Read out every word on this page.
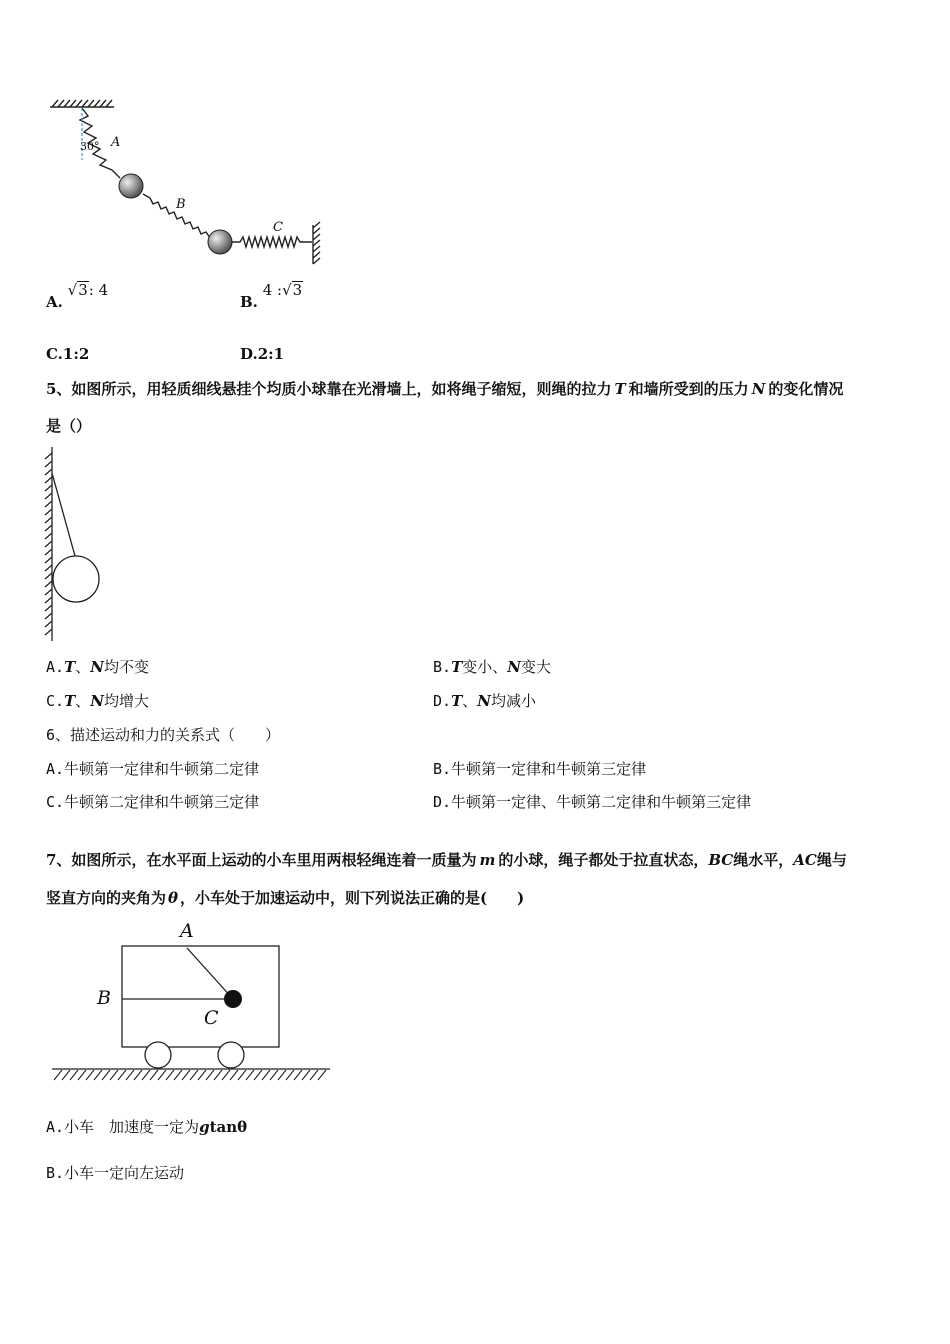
A
B
C
30°
A. √3: 4
B. 4 :√3
C.1:2	D.2:1
5、如图所示，用轻质细线悬挂个均质小球靠在光滑墙上，如将绳子缩短，则绳的拉力 T 和墙所受到的压力 N 的变化情况
是（）
A.T、N均不变	B.T变小、N变大
C.T、N均增大	D.T、N均减小
6、描述运动和力的关系式（　　）
A.牛顿第一定律和牛顿第二定律	B.牛顿第一定律和牛顿第三定律
C.牛顿第二定律和牛顿第三定律	D.牛顿第一定律、牛顿第二定律和牛顿第三定律
7、如图所示，在水平面上运动的小车里用两根轻绳连着一质量为 m 的小球，绳子都处于拉直状态，BC绳水平，AC绳与
竖直方向的夹角为 θ ，小车处于加速运动中，则下列说法正确的是(　　)
A
B
C
A.小车　加速度一定为gtanθ
B.小车一定向左运动
